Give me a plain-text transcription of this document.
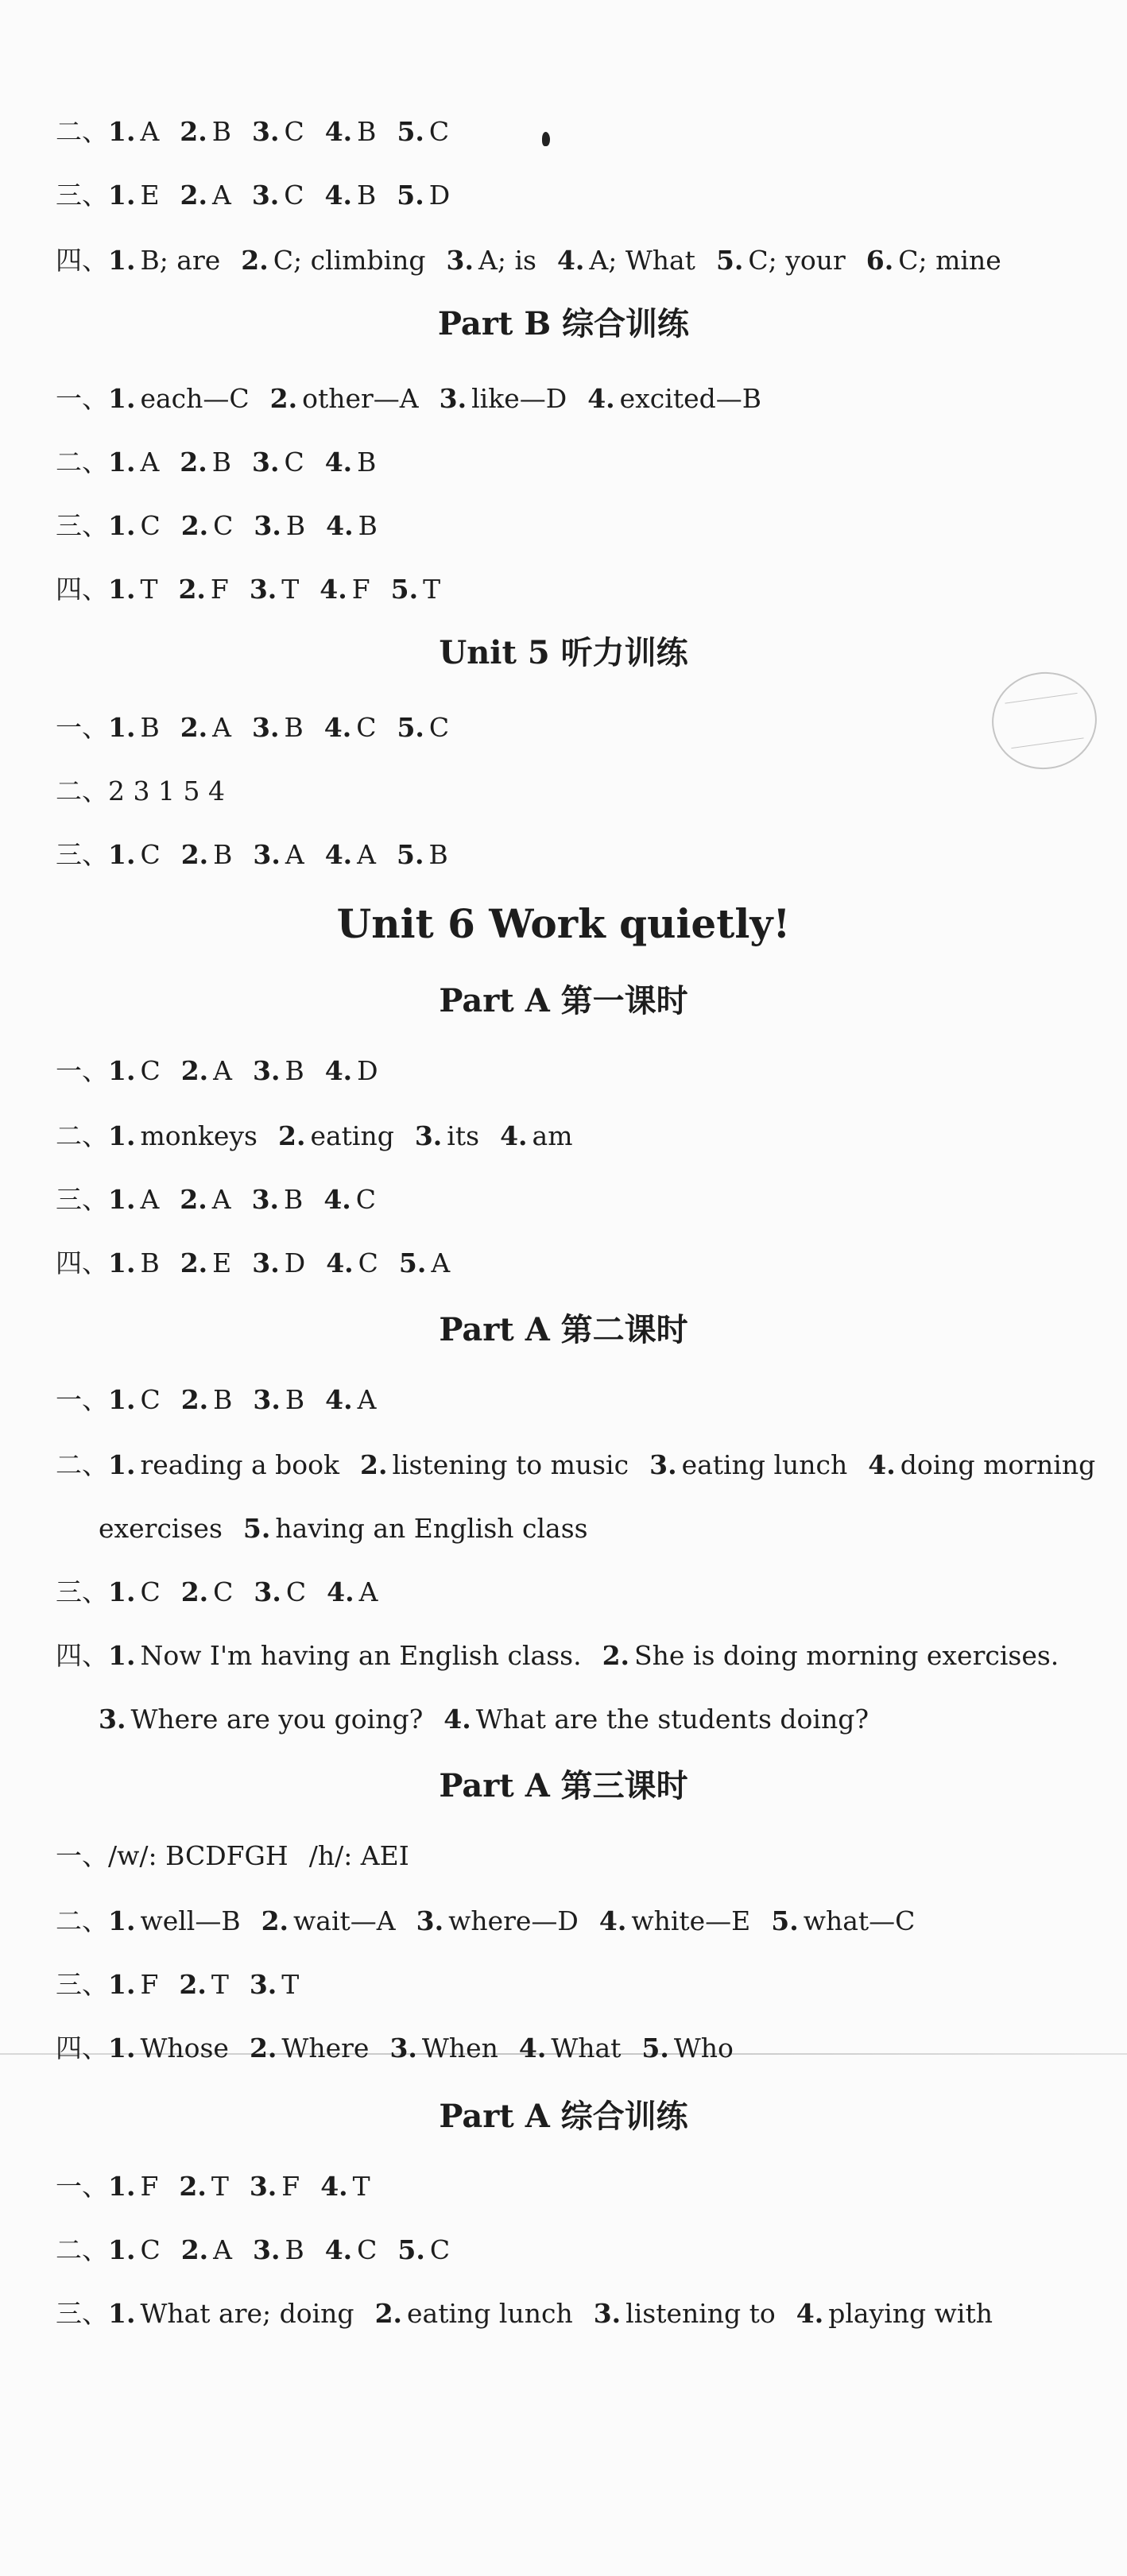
Part B 综合训练
Unit 5 听力训练
Unit 6 Work quietly!
Part A 第一课时
Part A 第二课时
Part A 第三课时
Part A 综合训练
二、1. A 2. B 3. C 4. B 5. C
三、1. E 2. A 3. C 4. B 5. D
四、1. B; are 2. C; climbing 3. A; is 4. A; What 5. C; your 6. C; mine
一、1. each—C 2. other—A 3. like—D 4. excited—B
二、1. A 2. B 3. C 4. B
三、1. C 2. C 3. B 4. B
四、1. T 2. F 3. T 4. F 5. T
一、1. B 2. A 3. B 4. C 5. C
二、2 3 1 5 4
三、1. C 2. B 3. A 4. A 5. B
一、1. C 2. A 3. B 4. D
二、1. monkeys 2. eating 3. its 4. am
三、1. A 2. A 3. B 4. C
四、1. B 2. E 3. D 4. C 5. A
一、1. C 2. B 3. B 4. A
二、1. reading a book 2. listening to music 3. eating lunch 4. doing morning
exercises 5. having an English class
三、1. C 2. C 3. C 4. A
四、1. Now I'm having an English class. 2. She is doing morning exercises.
3. Where are you going? 4. What are the students doing?
一、/w/: BCDFGH /h/: AEI
二、1. well—B 2. wait—A 3. where—D 4. white—E 5. what—C
三、1. F 2. T 3. T
四、1. Whose 2. Where 3. When 4. What 5. Who
一、1. F 2. T 3. F 4. T
二、1. C 2. A 3. B 4. C 5. C
三、1. What are; doing 2. eating lunch 3. listening to 4. playing with
